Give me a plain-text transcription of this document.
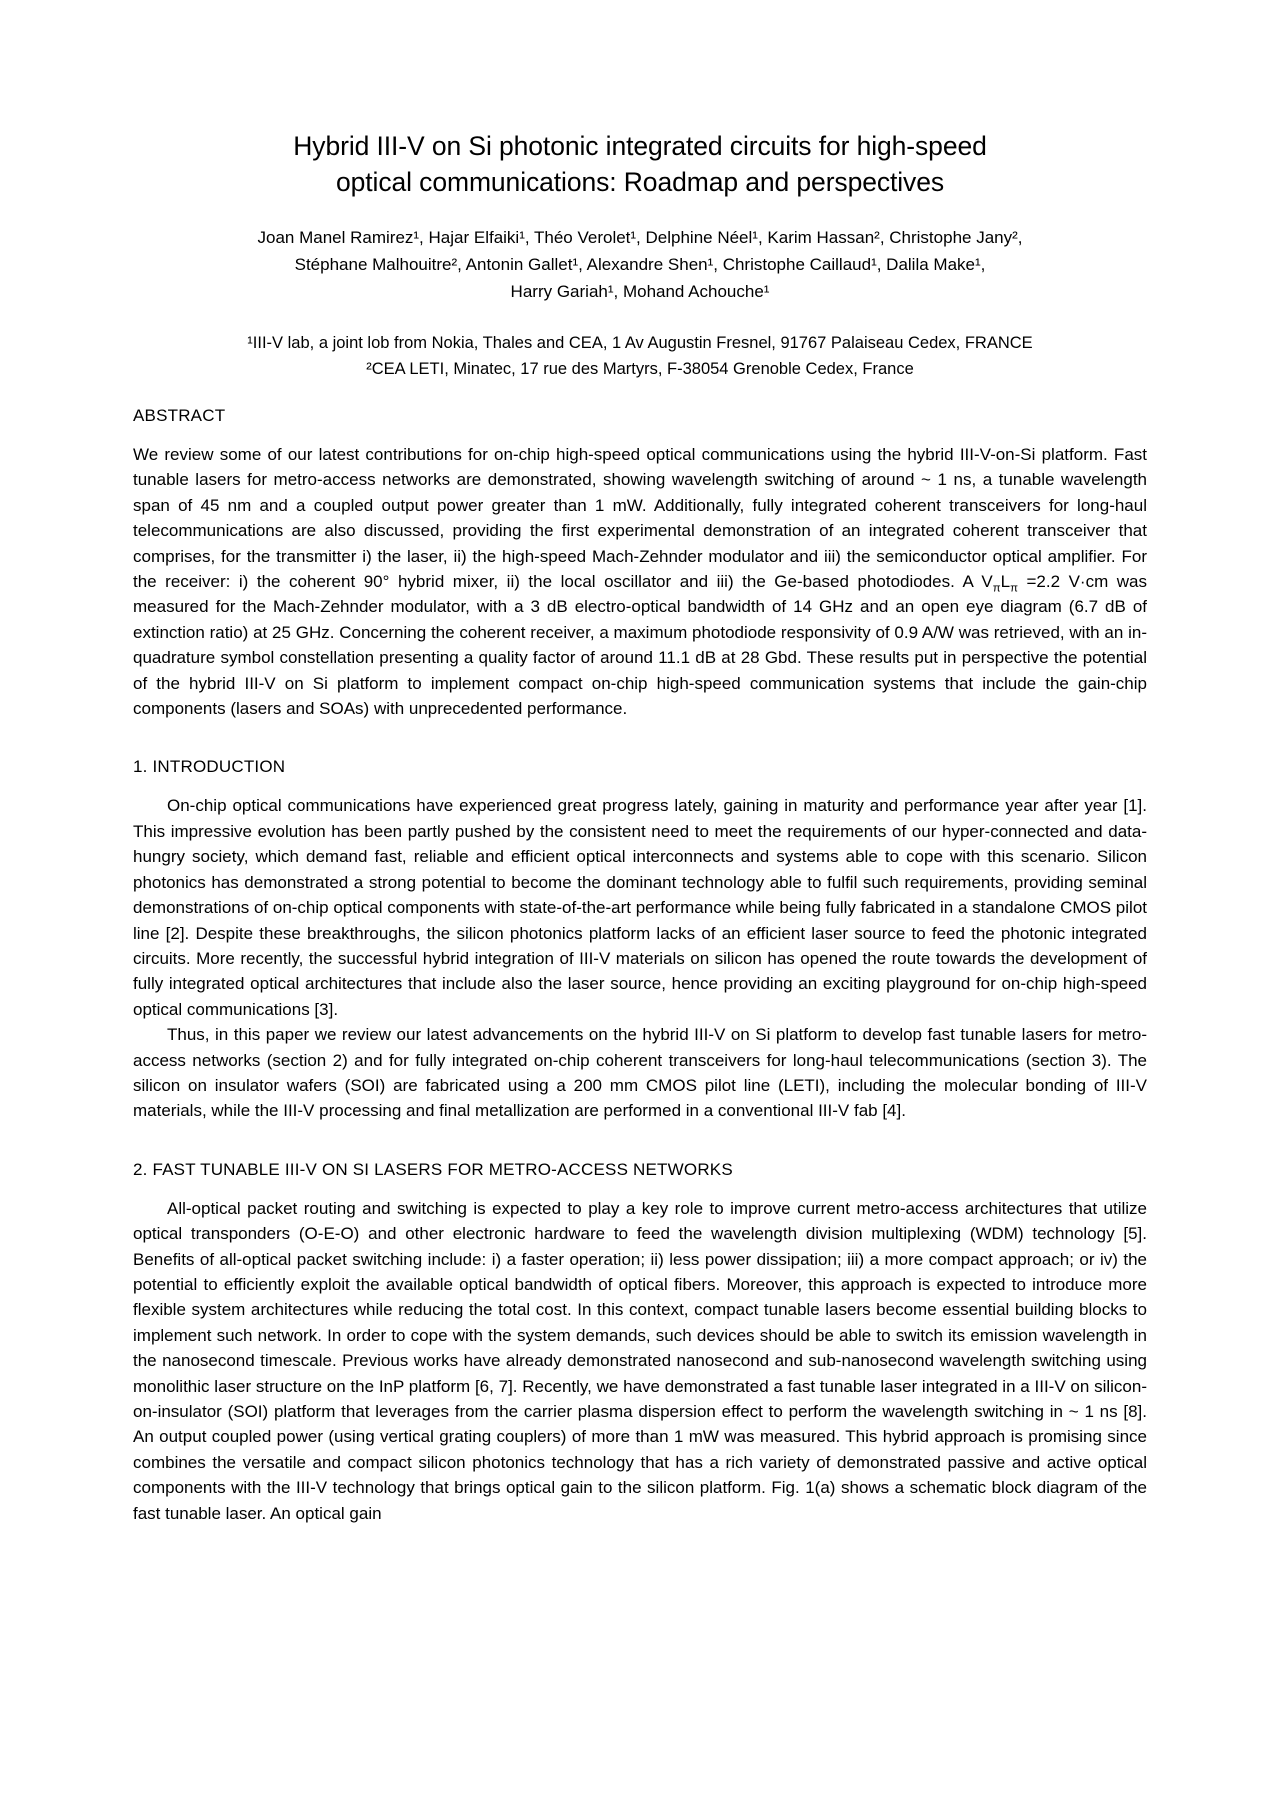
Hybrid III-V on Si photonic integrated circuits for high-speed
optical communications: Roadmap and perspectives
Joan Manel Ramirez¹, Hajar Elfaiki¹, Théo Verolet¹, Delphine Néel¹, Karim Hassan², Christophe Jany²,
Stéphane Malhouitre², Antonin Gallet¹, Alexandre Shen¹, Christophe Caillaud¹, Dalila Make¹,
Harry Gariah¹, Mohand Achouche¹
¹III-V lab, a joint lob from Nokia, Thales and CEA, 1 Av Augustin Fresnel, 91767 Palaiseau Cedex, FRANCE
²CEA LETI, Minatec, 17 rue des Martyrs, F-38054 Grenoble Cedex, France
ABSTRACT

We review some of our latest contributions for on-chip high-speed optical communications using the hybrid III-V-on-Si platform. Fast tunable lasers for metro-access networks are demonstrated, showing wavelength switching of around ~ 1 ns, a tunable wavelength span of 45 nm and a coupled output power greater than 1 mW. Additionally, fully integrated coherent transceivers for long-haul telecommunications are also discussed, providing the first experimental demonstration of an integrated coherent transceiver that comprises, for the transmitter i) the laser, ii) the high-speed Mach-Zehnder modulator and iii) the semiconductor optical amplifier. For the receiver: i) the coherent 90° hybrid mixer, ii) the local oscillator and iii) the Ge-based photodiodes. A $V_\pi L_\pi =2.2$ V·cm was measured for the Mach-Zehnder modulator, with a 3 dB electro-optical bandwidth of 14 GHz and an open eye diagram (6.7 dB of extinction ratio) at 25 GHz. Concerning the coherent receiver, a maximum photodiode responsivity of 0.9 A/W was retrieved, with an in-quadrature symbol constellation presenting a quality factor of around 11.1 dB at 28 Gbd. These results put in perspective the potential of the hybrid III-V on Si platform to implement compact on-chip high-speed communication systems that include the gain-chip components (lasers and SOAs) with unprecedented performance.

1. INTRODUCTION

On-chip optical communications have experienced great progress lately, gaining in maturity and performance year after year [1]. This impressive evolution has been partly pushed by the consistent need to meet the requirements of our hyper-connected and data-hungry society, which demand fast, reliable and efficient optical interconnects and systems able to cope with this scenario. Silicon photonics has demonstrated a strong potential to become the dominant technology able to fulfil such requirements, providing seminal demonstrations of on-chip optical components with state-of-the-art performance while being fully fabricated in a standalone CMOS pilot line [2]. Despite these breakthroughs, the silicon photonics platform lacks of an efficient laser source to feed the photonic integrated circuits. More recently, the successful hybrid integration of III-V materials on silicon has opened the route towards the development of fully integrated optical architectures that include also the laser source, hence providing an exciting playground for on-chip high-speed optical communications [3].

Thus, in this paper we review our latest advancements on the hybrid III-V on Si platform to develop fast tunable lasers for metro-access networks (section 2) and for fully integrated on-chip coherent transceivers for long-haul telecommunications (section 3). The silicon on insulator wafers (SOI) are fabricated using a 200 mm CMOS pilot line (LETI), including the molecular bonding of III-V materials, while the III-V processing and final metallization are performed in a conventional III-V fab [4].

2. FAST TUNABLE III-V ON SI LASERS FOR METRO-ACCESS NETWORKS

All-optical packet routing and switching is expected to play a key role to improve current metro-access architectures that utilize optical transponders (O-E-O) and other electronic hardware to feed the wavelength division multiplexing (WDM) technology [5]. Benefits of all-optical packet switching include: i) a faster operation; ii) less power dissipation; iii) a more compact approach; or iv) the potential to efficiently exploit the available optical bandwidth of optical fibers. Moreover, this approach is expected to introduce more flexible system architectures while reducing the total cost. In this context, compact tunable lasers become essential building blocks to implement such network. In order to cope with the system demands, such devices should be able to switch its emission wavelength in the nanosecond timescale. Previous works have already demonstrated nanosecond and sub-nanosecond wavelength switching using monolithic laser structure on the InP platform [6, 7]. Recently, we have demonstrated a fast tunable laser integrated in a III-V on silicon-on-insulator (SOI) platform that leverages from the carrier plasma dispersion effect to perform the wavelength switching in ~ 1 ns [8]. An output coupled power (using vertical grating couplers) of more than 1 mW was measured. This hybrid approach is promising since combines the versatile and compact silicon photonics technology that has a rich variety of demonstrated passive and active optical components with the III-V technology that brings optical gain to the silicon platform. Fig. 1(a) shows a schematic block diagram of the fast tunable laser. An optical gain
